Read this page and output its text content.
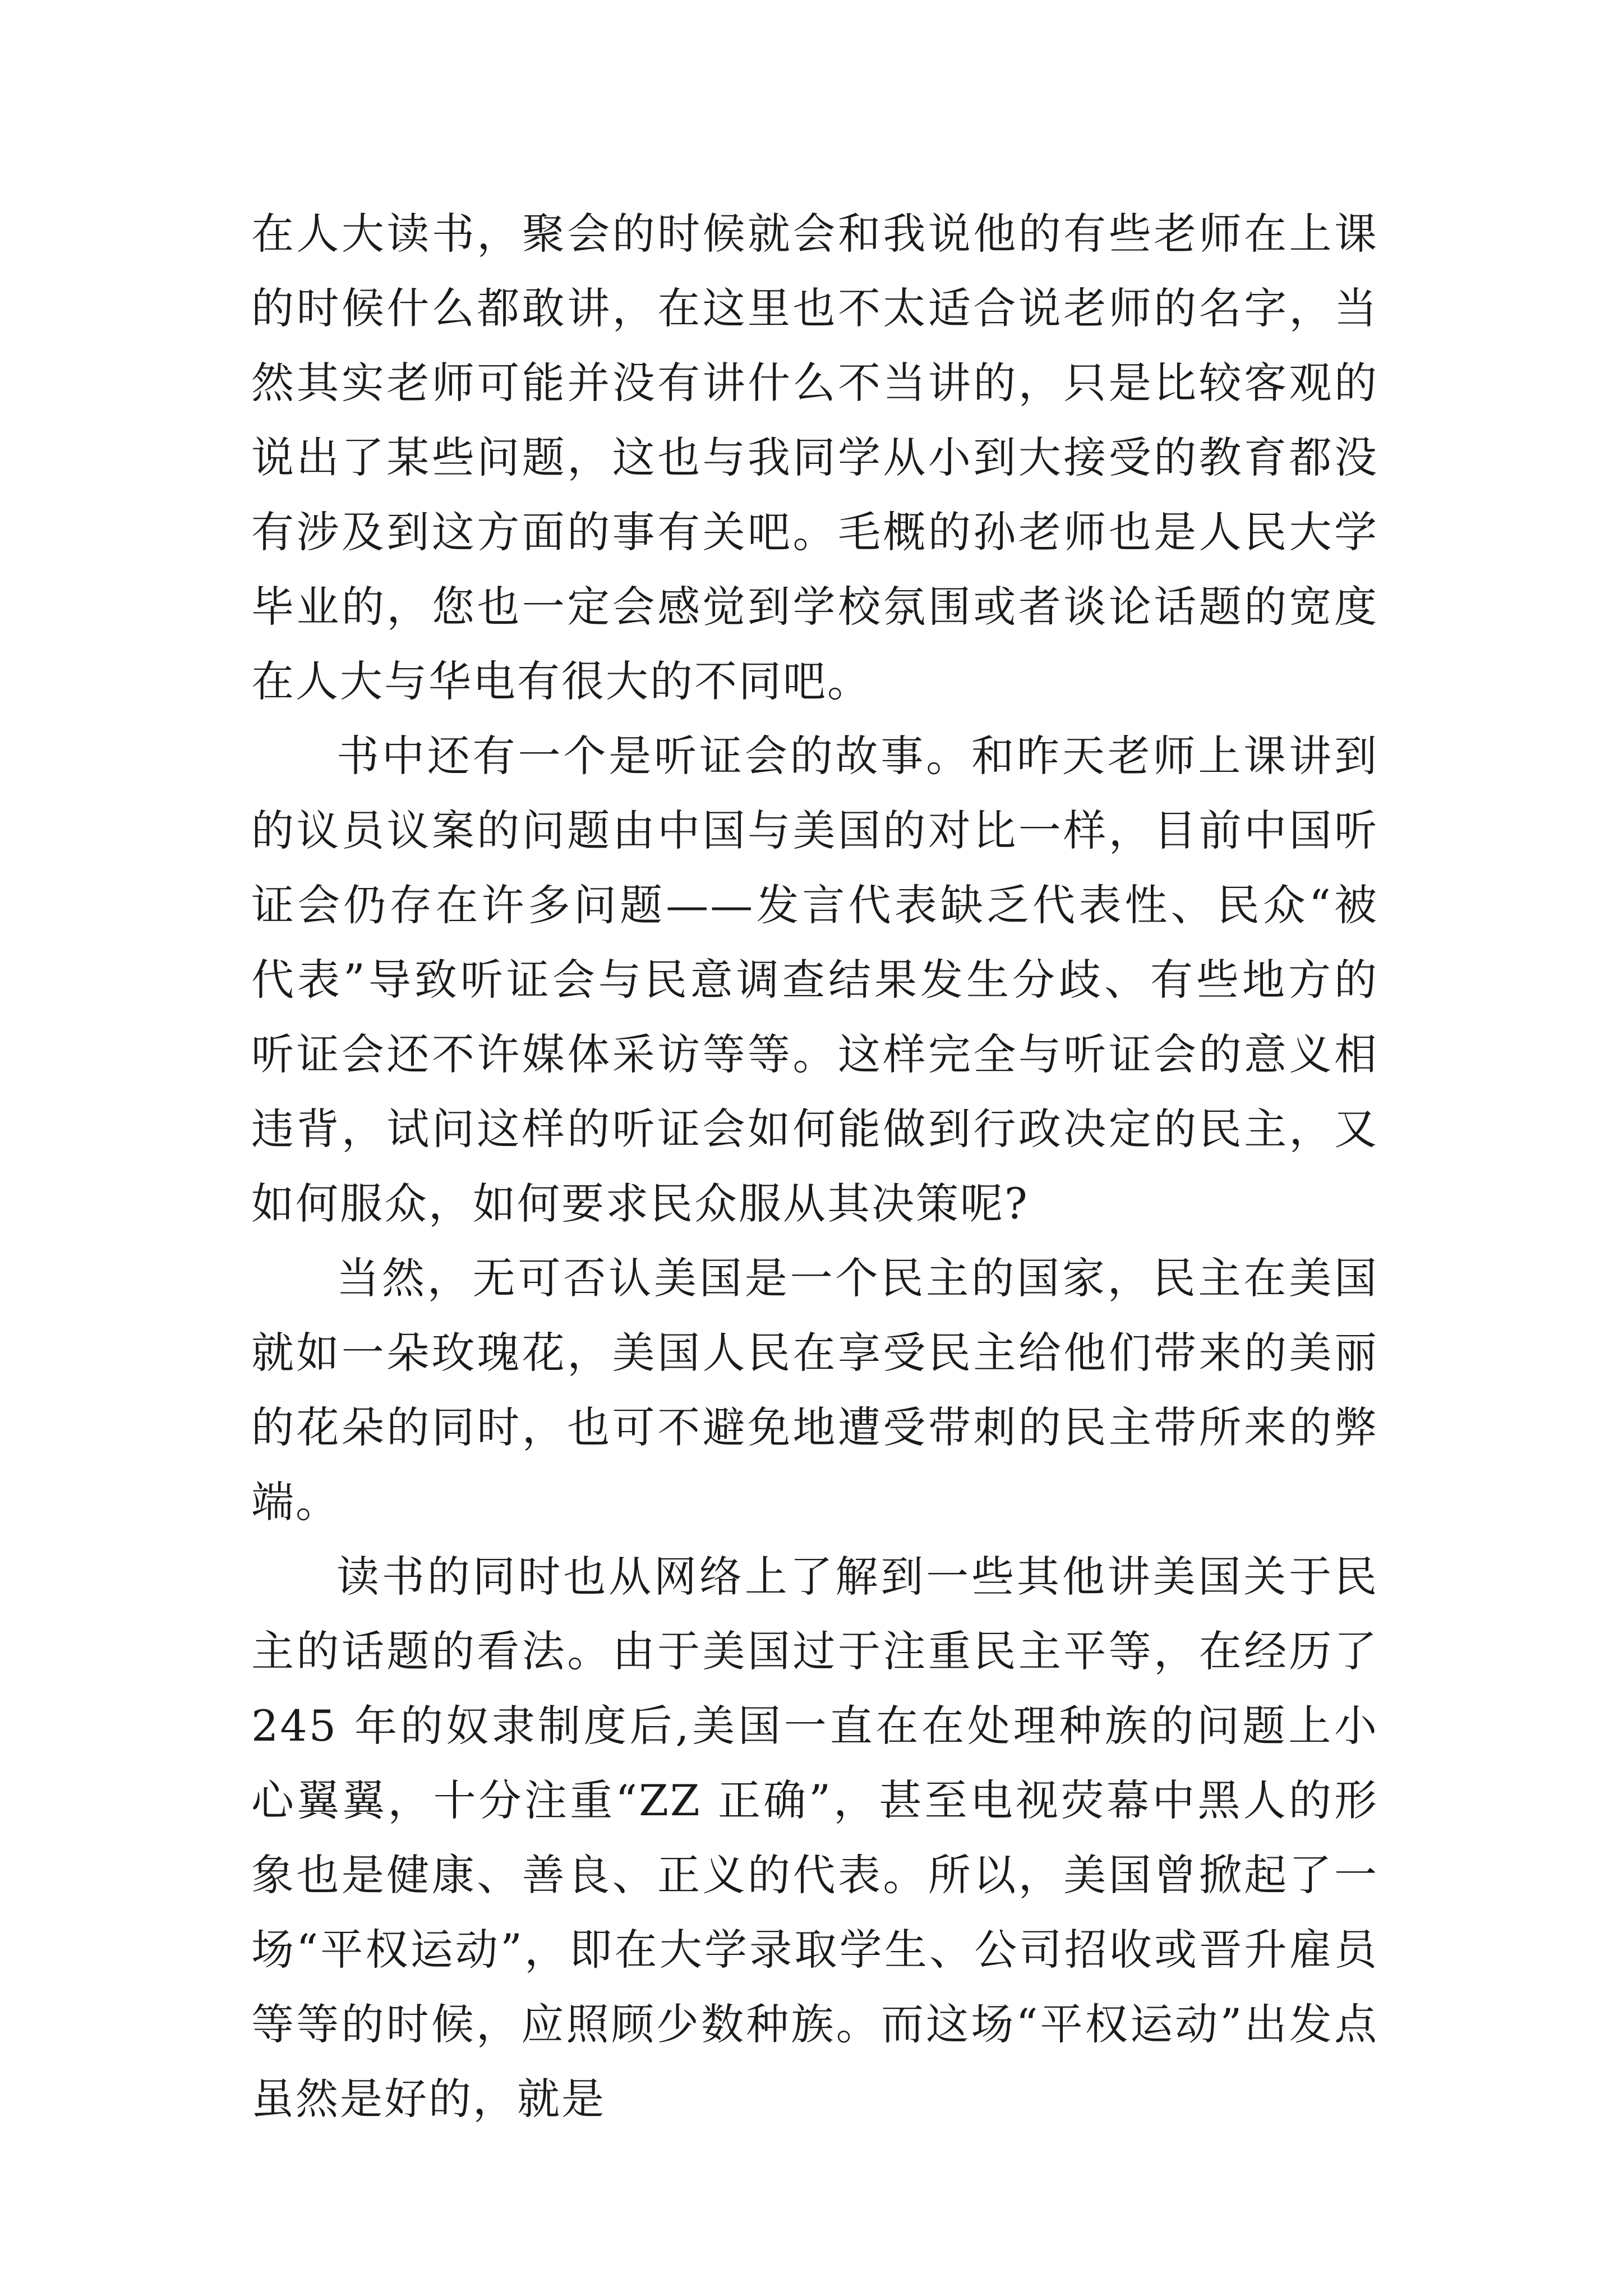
在人大读书，聚会的时候就会和我说他的有些老师在上课的时候什么都敢讲，在这里也不太适合说老师的名字，当然其实老师可能并没有讲什么不当讲的，只是比较客观的说出了某些问题，这也与我同学从小到大接受的教育都没有涉及到这方面的事有关吧。毛概的孙老师也是人民大学毕业的，您也一定会感觉到学校氛围或者谈论话题的宽度在人大与华电有很大的不同吧。

书中还有一个是听证会的故事。和昨天老师上课讲到的议员议案的问题由中国与美国的对比一样，目前中国听证会仍存在许多问题——发言代表缺乏代表性、民众“被代表”导致听证会与民意调查结果发生分歧、有些地方的听证会还不许媒体采访等等。这样完全与听证会的意义相违背，试问这样的听证会如何能做到行政决定的民主，又如何服众，如何要求民众服从其决策呢?

当然，无可否认美国是一个民主的国家，民主在美国就如一朵玫瑰花，美国人民在享受民主给他们带来的美丽的花朵的同时，也可不避免地遭受带刺的民主带所来的弊端。

读书的同时也从网络上了解到一些其他讲美国关于民主的话题的看法。由于美国过于注重民主平等，在经历了 245 年的奴隶制度后,美国一直在在处理种族的问题上小心翼翼，十分注重“ZZ 正确”，甚至电视荧幕中黑人的形象也是健康、善良、正义的代表。所以，美国曾掀起了一场“平权运动”，即在大学录取学生、公司招收或晋升雇员等等的时候，应照顾少数种族。而这场“平权运动”出发点虽然是好的，就是
